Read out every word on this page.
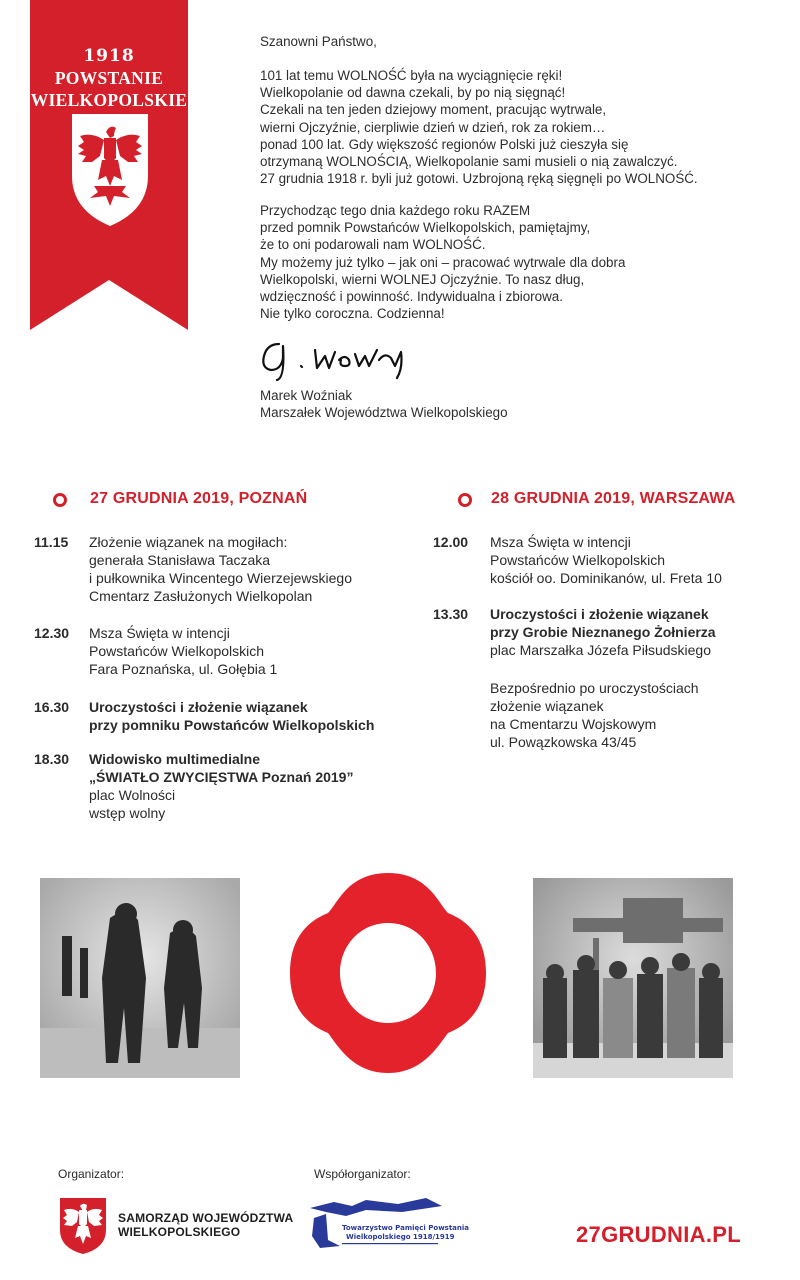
1918
POWSTANIE
WIELKOPOLSKIE
Szanowni Państwo,

101 lat temu WOLNOŚĆ była na wyciągnięcie ręki!

Wielkopolanie od dawna czekali, by po nią sięgnąć!

Czekali na ten jeden dziejowy moment, pracując wytrwale,

wierni Ojczyźnie, cierpliwie dzień w dzień, rok za rokiem…

ponad 100 lat. Gdy większość regionów Polski już cieszyła się

otrzymaną WOLNOŚCIĄ, Wielkopolanie sami musieli o nią zawalczyć.

27 grudnia 1918 r. byli już gotowi. Uzbrojoną ręką sięgnęli po WOLNOŚĆ.

Przychodząc tego dnia każdego roku RAZEM

przed pomnik Powstańców Wielkopolskich, pamiętajmy,

że to oni podarowali nam WOLNOŚĆ.

My możemy już tylko – jak oni – pracować wytrwale dla dobra

Wielkopolski, wierni WOLNEJ Ojczyźnie. To nasz dług,

wdzięczność i powinność. Indywidualna i zbiorowa.

Nie tylko coroczna. Codzienna!

Marek Woźniak
Marszałek Województwa Wielkopolskiego
27 GRUDNIA 2019, POZNAŃ
11.15 Złożenie wiązanek na mogiłach:
generała Stanisława Taczaka
i pułkownika Wincentego Wierzejewskiego
Cmentarz Zasłużonych Wielkopolan
12.30 Msza Święta w intencji
Powstańców Wielkopolskich
Fara Poznańska, ul. Gołębia 1
16.30 Uroczystości i złożenie wiązanek
przy pomniku Powstańców Wielkopolskich
18.30 Widowisko multimedialne
„ŚWIATŁO ZWYCIĘSTWA Poznań 2019”
plac Wolności
wstęp wolny
28 GRUDNIA 2019, WARSZAWA
12.00 Msza Święta w intencji
Powstańców Wielkopolskich
kościół oo. Dominikanów, ul. Freta 10
13.30 Uroczystości i złożenie wiązanek
przy Grobie Nieznanego Żołnierza
plac Marszałka Józefa Piłsudskiego
Bezpośrednio po uroczystościach
złożenie wiązanek
na Cmentarzu Wojskowym
ul. Powązkowska 43/45
Organizator:
SAMORZĄD WOJEWÓDZTWA
WIELKOPOLSKIEGO
Współorganizator:
Towarzystwo Pamięci Powstania
Wielkopolskiego 1918/1919	27GRUDNIA.PL
